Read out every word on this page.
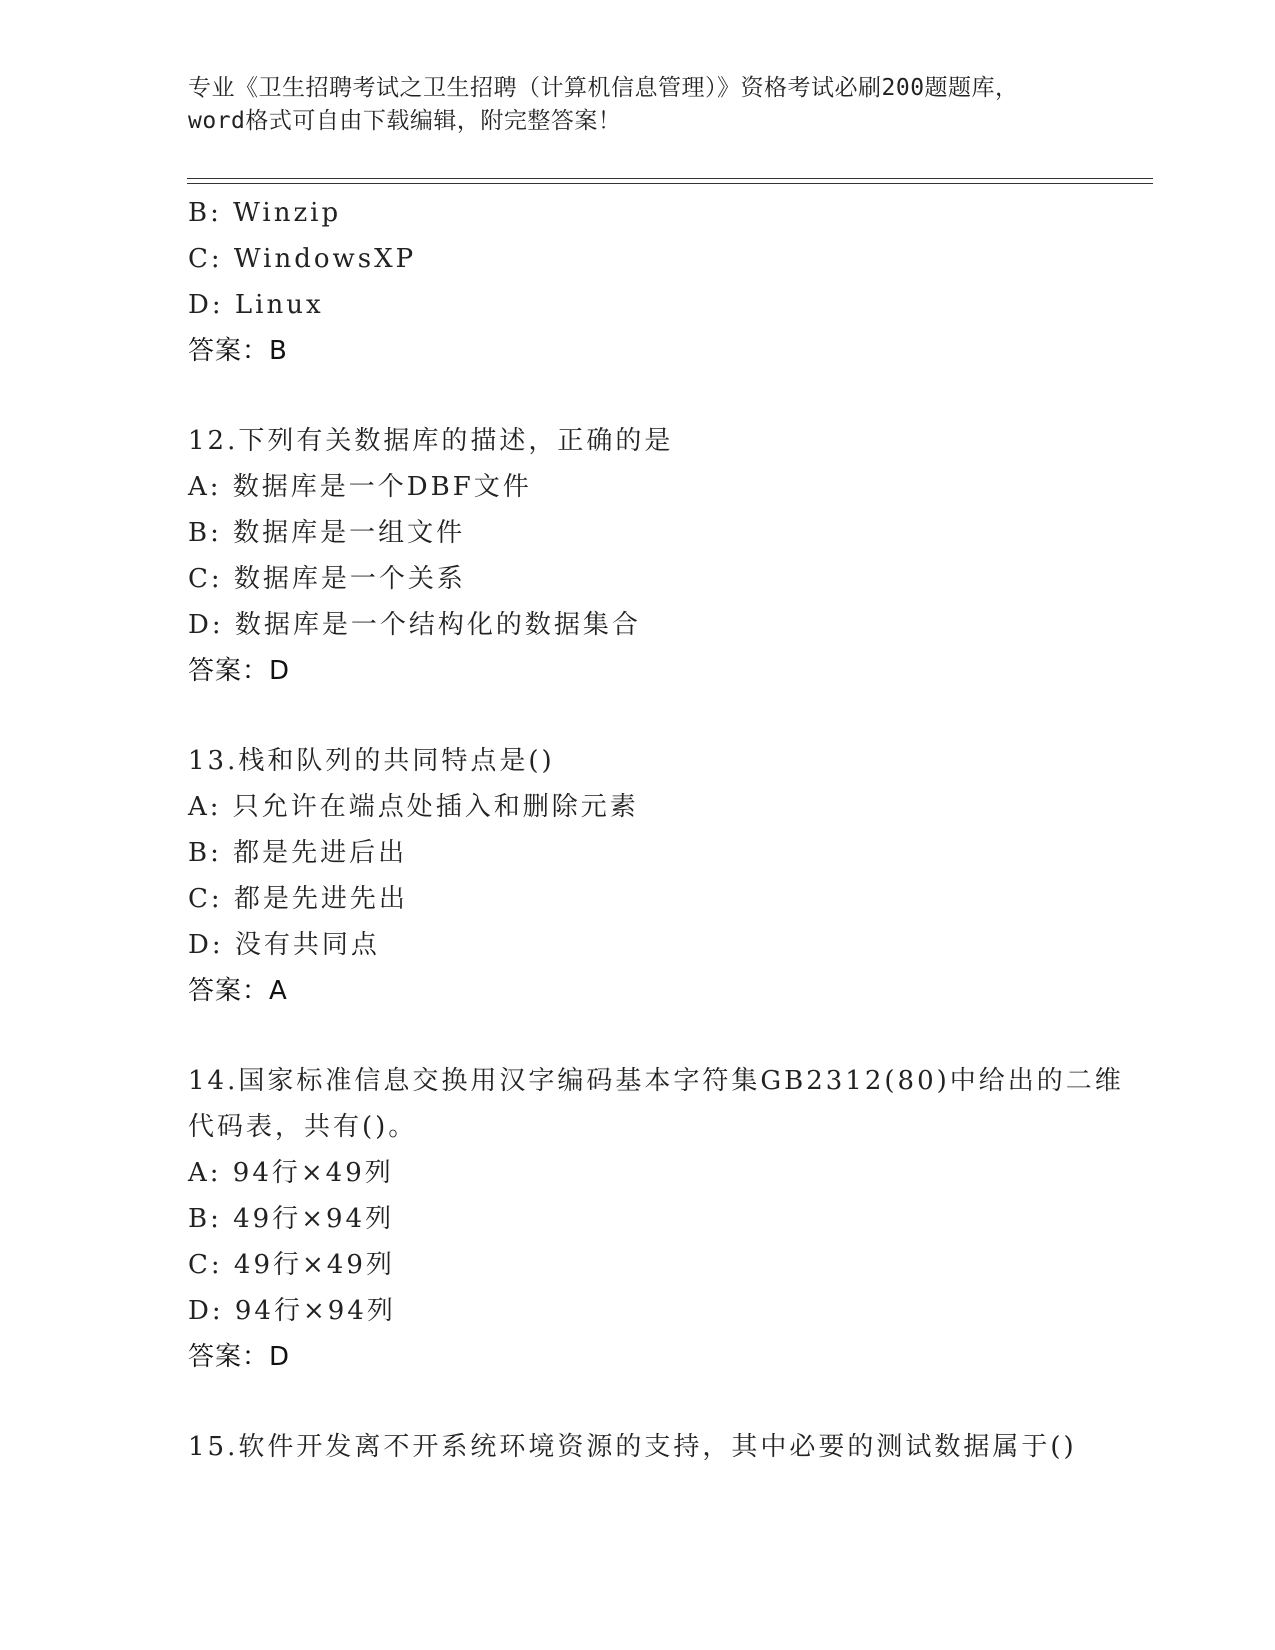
专业《卫生招聘考试之卫生招聘（计算机信息管理）》资格考试必刷200题题库，
word格式可自由下载编辑，附完整答案！
B: Winzip
C: WindowsXP
D: Linux
答案：B
12.下列有关数据库的描述，正确的是
A: 数据库是一个DBF文件
B: 数据库是一组文件
C: 数据库是一个关系
D: 数据库是一个结构化的数据集合
答案：D
13.栈和队列的共同特点是()
A: 只允许在端点处插入和删除元素
B: 都是先进后出
C: 都是先进先出
D: 没有共同点
答案：A
14.国家标准信息交换用汉字编码基本字符集GB2312(80)中给出的二维
代码表，共有()。
A: 94行×49列
B: 49行×94列
C: 49行×49列
D: 94行×94列
答案：D
15.软件开发离不开系统环境资源的支持，其中必要的测试数据属于()
